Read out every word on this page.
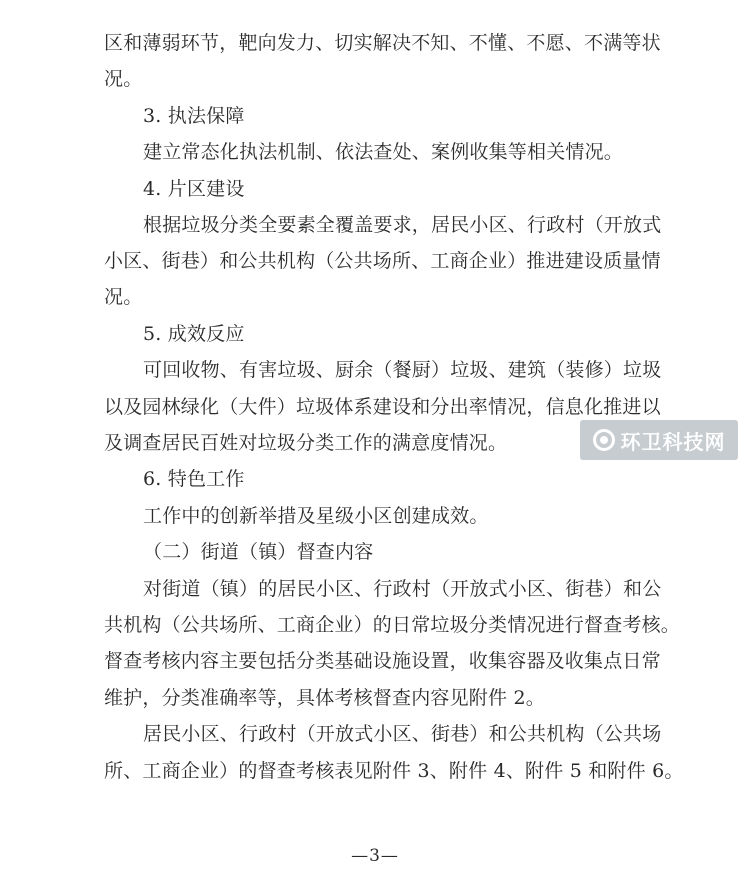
区和薄弱环节，靶向发力、切实解决不知、不懂、不愿、不满等状
况。
3. 执法保障
建立常态化执法机制、依法查处、案例收集等相关情况。
4. 片区建设
根据垃圾分类全要素全覆盖要求，居民小区、行政村（开放式
小区、街巷）和公共机构（公共场所、工商企业）推进建设质量情
况。
5. 成效反应
可回收物、有害垃圾、厨余（餐厨）垃圾、建筑（装修）垃圾
以及园林绿化（大件）垃圾体系建设和分出率情况，信息化推进以
及调查居民百姓对垃圾分类工作的满意度情况。
6. 特色工作
工作中的创新举措及星级小区创建成效。
（二）街道（镇）督查内容
对街道（镇）的居民小区、行政村（开放式小区、街巷）和公
共机构（公共场所、工商企业）的日常垃圾分类情况进行督查考核。
督查考核内容主要包括分类基础设施设置，收集容器及收集点日常
维护，分类准确率等，具体考核督查内容见附件 2。
居民小区、行政村（开放式小区、街巷）和公共机构（公共场
所、工商企业）的督查考核表见附件 3、附件 4、附件 5 和附件 6。
环卫科技网
—3—
